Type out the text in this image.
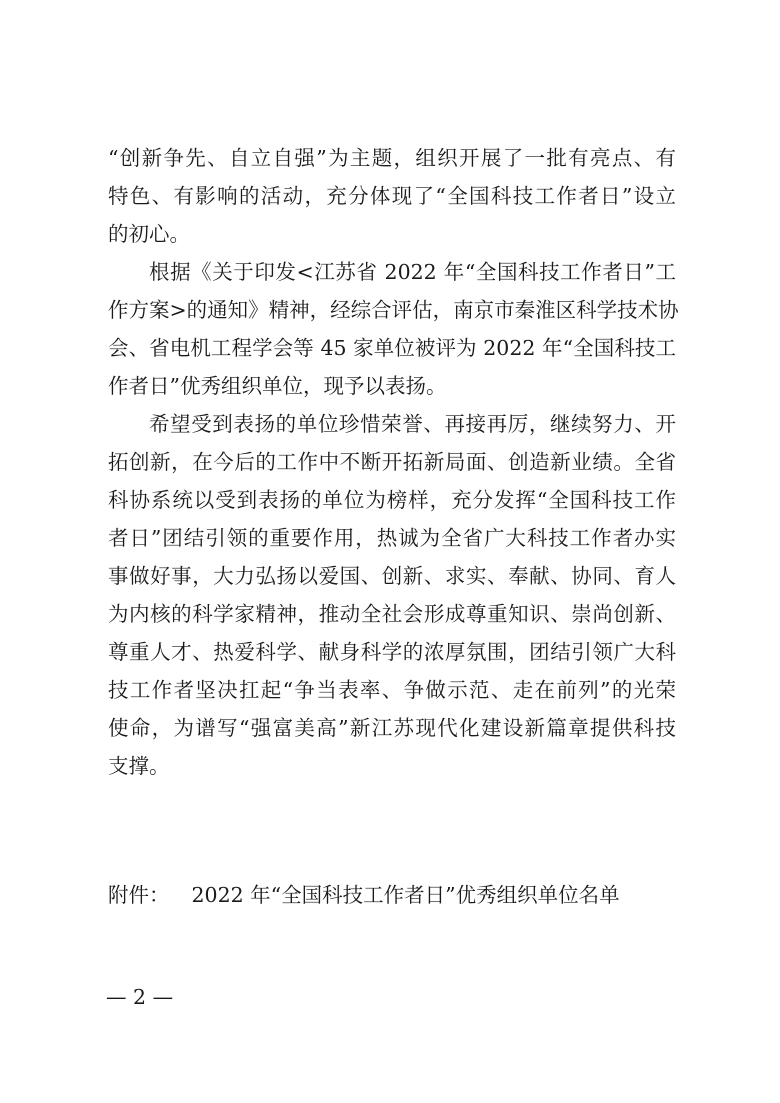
“创新争先、自立自强”为主题，组织开展了一批有亮点、有
特色、有影响的活动，充分体现了“全国科技工作者日”设立
的初心。
根据《关于印发<江苏省 2022 年“全国科技工作者日”工
作方案>的通知》精神，经综合评估，南京市秦淮区科学技术协
会、省电机工程学会等 45 家单位被评为 2022 年“全国科技工
作者日”优秀组织单位，现予以表扬。
希望受到表扬的单位珍惜荣誉、再接再厉，继续努力、开
拓创新，在今后的工作中不断开拓新局面、创造新业绩。全省
科协系统以受到表扬的单位为榜样，充分发挥“全国科技工作
者日”团结引领的重要作用，热诚为全省广大科技工作者办实
事做好事，大力弘扬以爱国、创新、求实、奉献、协同、育人
为内核的科学家精神，推动全社会形成尊重知识、崇尚创新、
尊重人才、热爱科学、献身科学的浓厚氛围，团结引领广大科
技工作者坚决扛起“争当表率、争做示范、走在前列”的光荣
使命，为谱写“强富美高”新江苏现代化建设新篇章提供科技
支撑。
附件： 2022 年“全国科技工作者日”优秀组织单位名单
— 2 —
